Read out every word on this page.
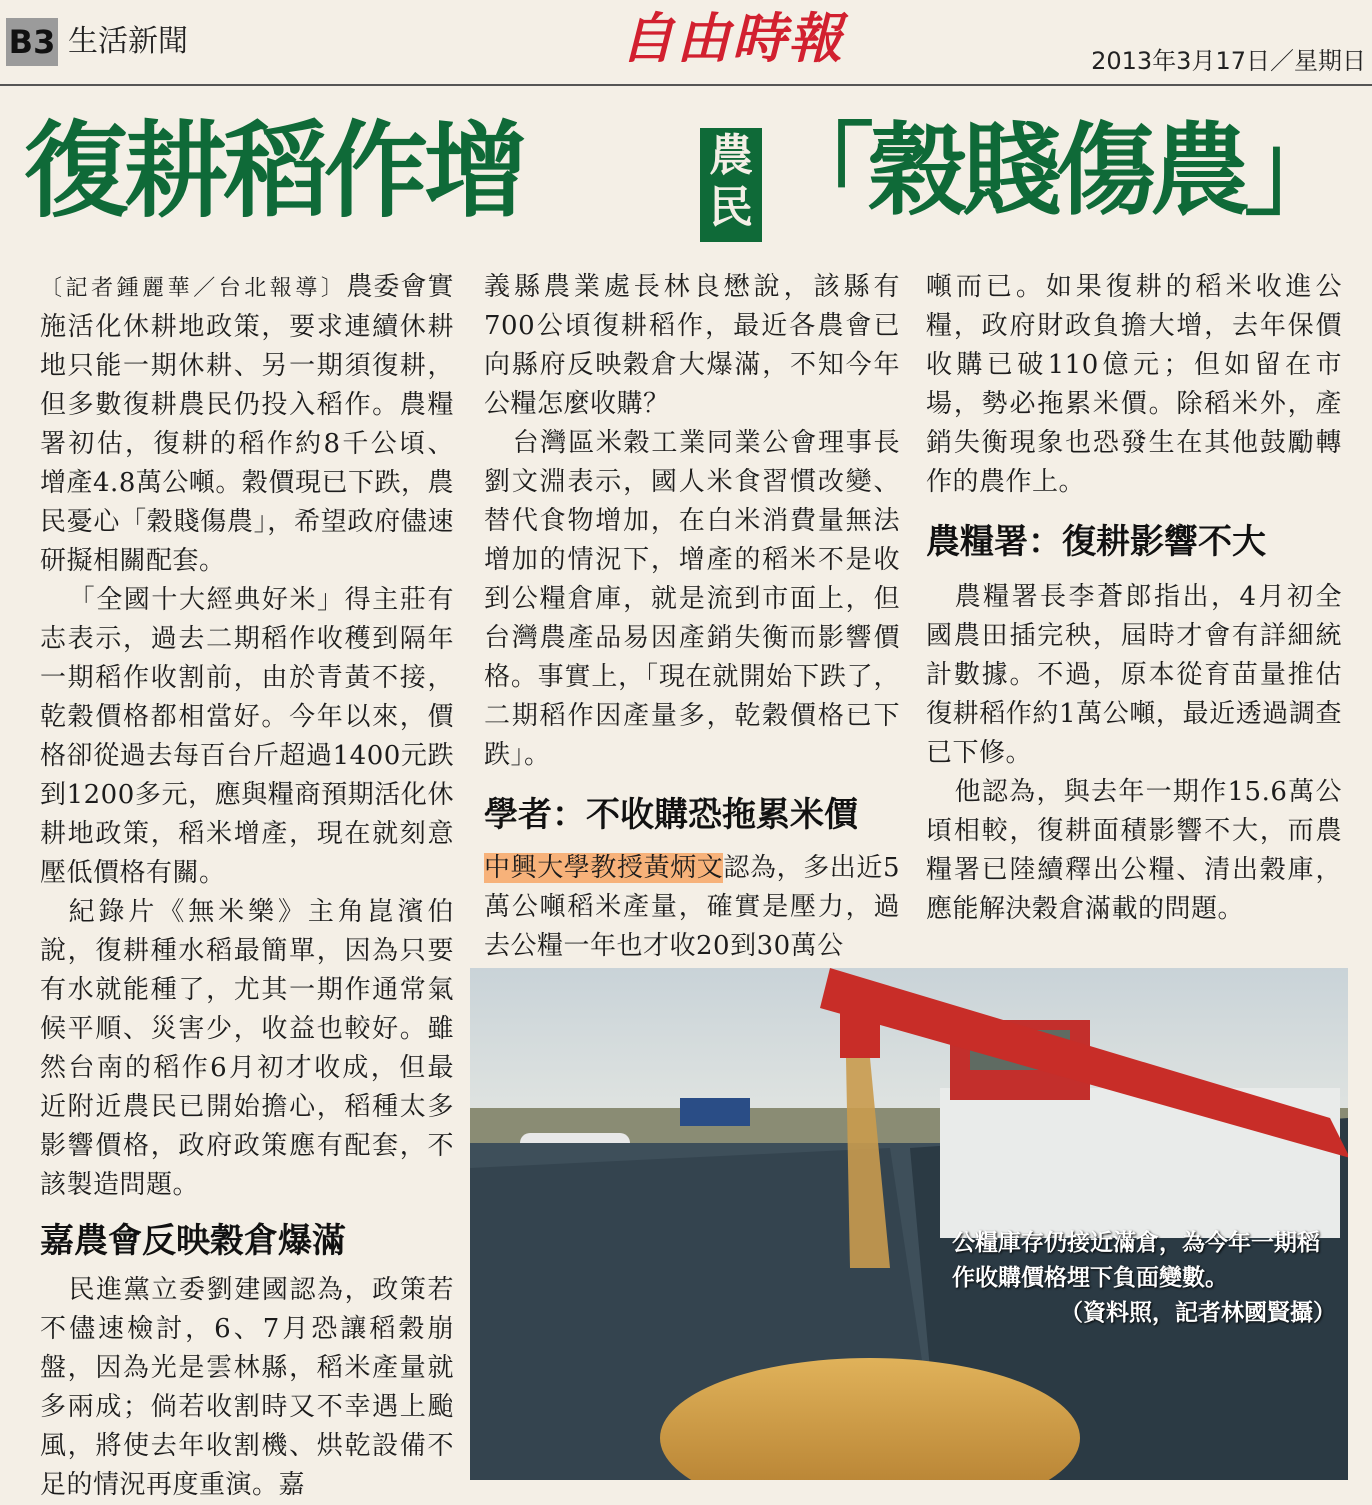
B3 生活新聞	自由時報	2013年3月17日／星期日
復耕稻作增	農民 「穀賤傷農」

〔記者鍾麗華／台北報導〕農委會實施活化休耕地政策，要求連續休耕地只能一期休耕、另一期須復耕，但多數復耕農民仍投入稻作。農糧署初估，復耕的稻作約8千公頃、增產4.8萬公噸。穀價現已下跌，農民憂心「穀賤傷農」，希望政府儘速研擬相關配套。

「全國十大經典好米」得主莊有志表示，過去二期稻作收穫到隔年一期稻作收割前，由於青黃不接，乾穀價格都相當好。今年以來，價格卻從過去每百台斤超過1400元跌到1200多元，應與糧商預期活化休耕地政策，稻米增產，現在就刻意壓低價格有關。

紀錄片《無米樂》主角崑濱伯說，復耕種水稻最簡單，因為只要有水就能種了，尤其一期作通常氣候平順、災害少，收益也較好。雖然台南的稻作6月初才收成，但最近附近農民已開始擔心，稻種太多影響價格，政府政策應有配套，不該製造問題。

嘉農會反映穀倉爆滿

民進黨立委劉建國認為，政策若不儘速檢討，6、7月恐讓稻穀崩盤，因為光是雲林縣，稻米產量就多兩成；倘若收割時又不幸遇上颱風，將使去年收割機、烘乾設備不足的情況再度重演。嘉

義縣農業處長林良懋說，該縣有700公頃復耕稻作，最近各農會已向縣府反映穀倉大爆滿，不知今年公糧怎麼收購？

台灣區米穀工業同業公會理事長劉文淵表示，國人米食習慣改變、替代食物增加，在白米消費量無法增加的情況下，增產的稻米不是收到公糧倉庫，就是流到市面上，但台灣農產品易因產銷失衡而影響價格。事實上，「現在就開始下跌了，二期稻作因產量多，乾穀價格已下跌」。

學者：不收購恐拖累米價

中興大學教授黃炳文認為，多出近5萬公噸稻米產量，確實是壓力，過去公糧一年也才收20到30萬公

噸而已。如果復耕的稻米收進公糧，政府財政負擔大增，去年保價收購已破110億元；但如留在市場，勢必拖累米價。除稻米外，產銷失衡現象也恐發生在其他鼓勵轉作的農作上。

農糧署：復耕影響不大

農糧署長李蒼郎指出，4月初全國農田插完秧，屆時才會有詳細統計數據。不過，原本從育苗量推估復耕稻作約1萬公噸，最近透過調查已下修。

他認為，與去年一期作15.6萬公頃相較，復耕面積影響不大，而農糧署已陸續釋出公糧、清出穀庫，應能解決穀倉滿載的問題。

公糧庫存仍接近滿倉，為今年一期稻作收購價格埋下負面變數。
（資料照，記者林國賢攝）
